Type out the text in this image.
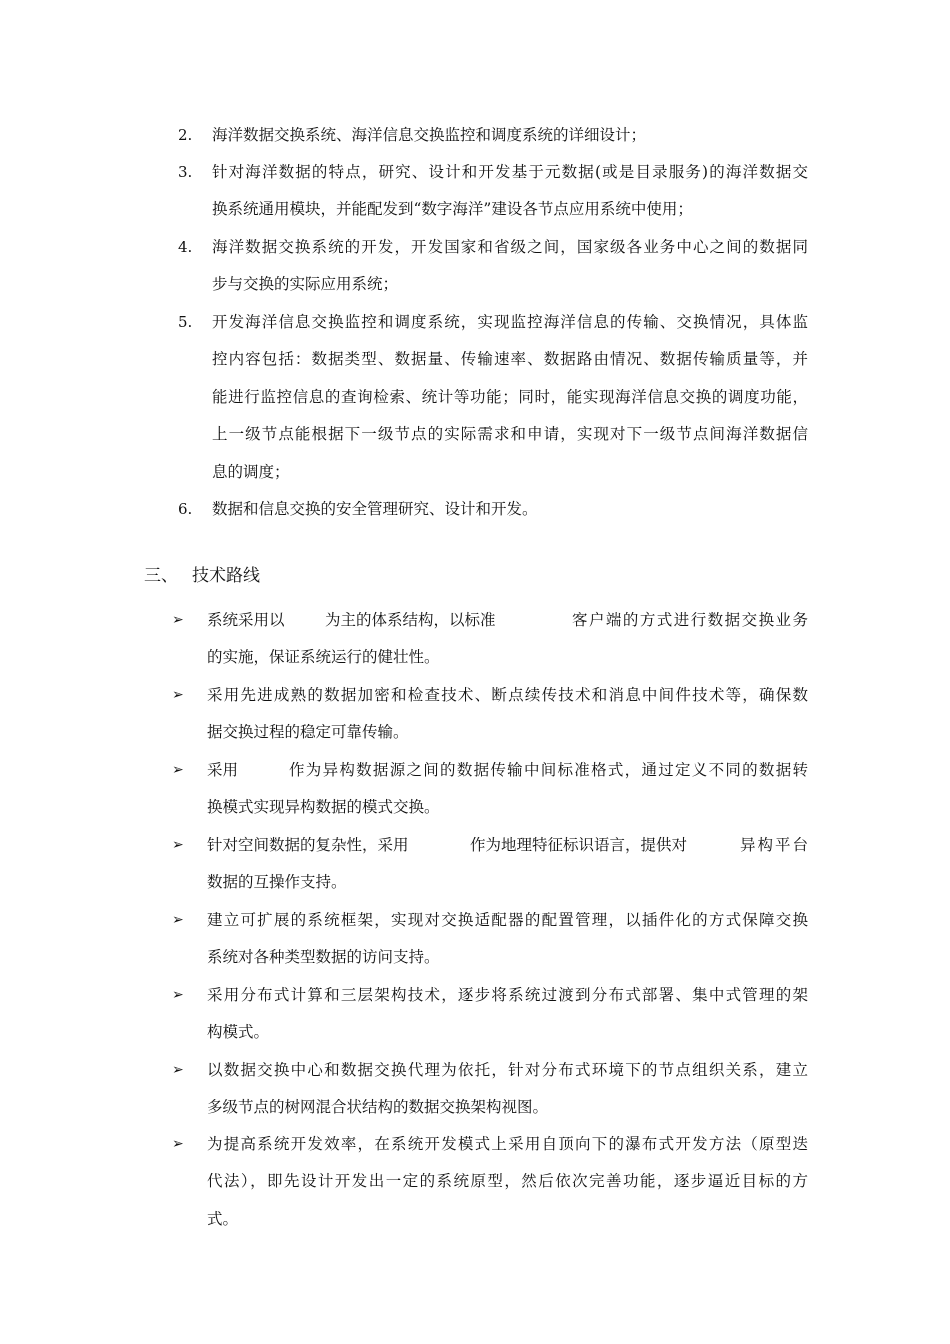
2. 海洋数据交换系统、海洋信息交换监控和调度系统的详细设计；
3. 针对海洋数据的特点，研究、设计和开发基于元数据(或是目录服务)的海洋数据交
换系统通用模块，并能配发到“数字海洋”建设各节点应用系统中使用；
4. 海洋数据交换系统的开发，开发国家和省级之间，国家级各业务中心之间的数据同
步与交换的实际应用系统；
5. 开发海洋信息交换监控和调度系统，实现监控海洋信息的传输、交换情况，具体监
控内容包括：数据类型、数据量、传输速率、数据路由情况、数据传输质量等，并
能进行监控信息的查询检索、统计等功能；同时，能实现海洋信息交换的调度功能，
上一级节点能根据下一级节点的实际需求和申请，实现对下一级节点间海洋数据信
息的调度；
6. 数据和信息交换的安全管理研究、设计和开发。
三、 技术路线
➢ 系统采用以	为主的体系结构，以标准	客户端的方式进行数据交换业务
的实施，保证系统运行的健壮性。
➢ 采用先进成熟的数据加密和检查技术、断点续传技术和消息中间件技术等，确保数
据交换过程的稳定可靠传输。
➢ 采用	作为异构数据源之间的数据传输中间标准格式，通过定义不同的数据转
换模式实现异构数据的模式交换。
➢ 针对空间数据的复杂性，采用	作为地理特征标识语言，提供对	异构平台
数据的互操作支持。
➢ 建立可扩展的系统框架，实现对交换适配器的配置管理，以插件化的方式保障交换
系统对各种类型数据的访问支持。
➢ 采用分布式计算和三层架构技术，逐步将系统过渡到分布式部署、集中式管理的架
构模式。
➢ 以数据交换中心和数据交换代理为依托，针对分布式环境下的节点组织关系，建立
多级节点的树网混合状结构的数据交换架构视图。
➢ 为提高系统开发效率，在系统开发模式上采用自顶向下的瀑布式开发方法（原型迭
代法），即先设计开发出一定的系统原型，然后依次完善功能，逐步逼近目标的方
式。
